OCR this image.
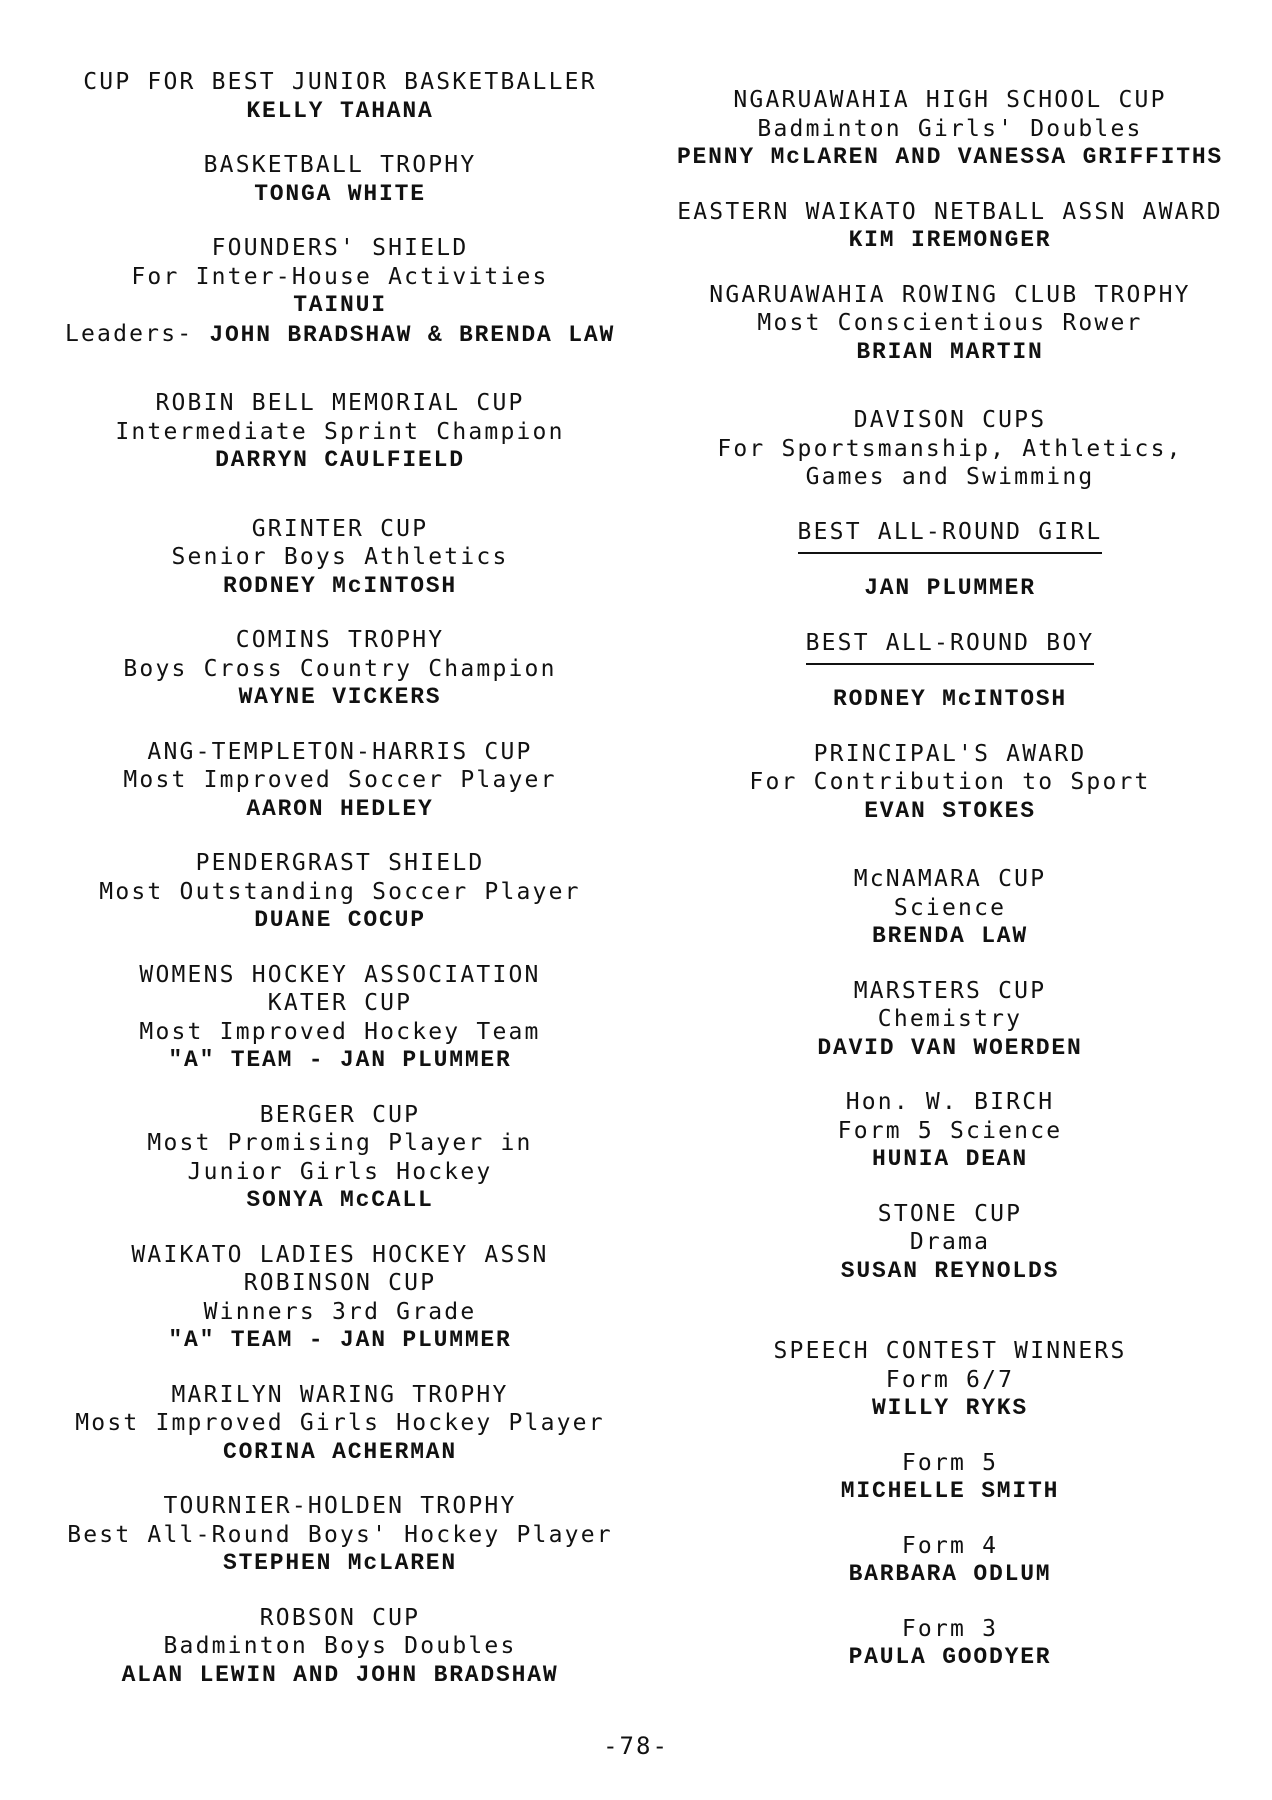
CUP FOR BEST JUNIOR BASKETBALLER
KELLY TAHANA
BASKETBALL TROPHY
TONGA WHITE
FOUNDERS' SHIELD
For Inter-House Activities
TAINUI
Leaders- JOHN BRADSHAW & BRENDA LAW
ROBIN BELL MEMORIAL CUP
Intermediate Sprint Champion
DARRYN CAULFIELD
GRINTER CUP
Senior Boys Athletics
RODNEY McINTOSH
COMINS TROPHY
Boys Cross Country Champion
WAYNE VICKERS
ANG-TEMPLETON-HARRIS CUP
Most Improved Soccer Player
AARON HEDLEY
PENDERGRAST SHIELD
Most Outstanding Soccer Player
DUANE COCUP
WOMENS HOCKEY ASSOCIATION
KATER CUP
Most Improved Hockey Team
"A" TEAM - JAN PLUMMER
BERGER CUP
Most Promising Player in
Junior Girls Hockey
SONYA McCALL
WAIKATO LADIES HOCKEY ASSN
ROBINSON CUP
Winners 3rd Grade
"A" TEAM - JAN PLUMMER
MARILYN WARING TROPHY
Most Improved Girls Hockey Player
CORINA ACHERMAN
TOURNIER-HOLDEN TROPHY
Best All-Round Boys' Hockey Player
STEPHEN McLAREN
ROBSON CUP
Badminton Boys Doubles
ALAN LEWIN AND JOHN BRADSHAW
NGARUAWAHIA HIGH SCHOOL CUP
Badminton Girls' Doubles
PENNY McLAREN AND VANESSA GRIFFITHS
EASTERN WAIKATO NETBALL ASSN AWARD
KIM IREMONGER
NGARUAWAHIA ROWING CLUB TROPHY
Most Conscientious Rower
BRIAN MARTIN
DAVISON CUPS
For Sportsmanship, Athletics,
Games and Swimming
BEST ALL-ROUND GIRL
JAN PLUMMER
BEST ALL-ROUND BOY
RODNEY McINTOSH
PRINCIPAL'S AWARD
For Contribution to Sport
EVAN STOKES
McNAMARA CUP
Science
BRENDA LAW
MARSTERS CUP
Chemistry
DAVID VAN WOERDEN
Hon. W. BIRCH
Form 5 Science
HUNIA DEAN
STONE CUP
Drama
SUSAN REYNOLDS
SPEECH CONTEST WINNERS
Form 6/7
WILLY RYKS
Form 5
MICHELLE SMITH
Form 4
BARBARA ODLUM
Form 3
PAULA GOODYER
-78-
